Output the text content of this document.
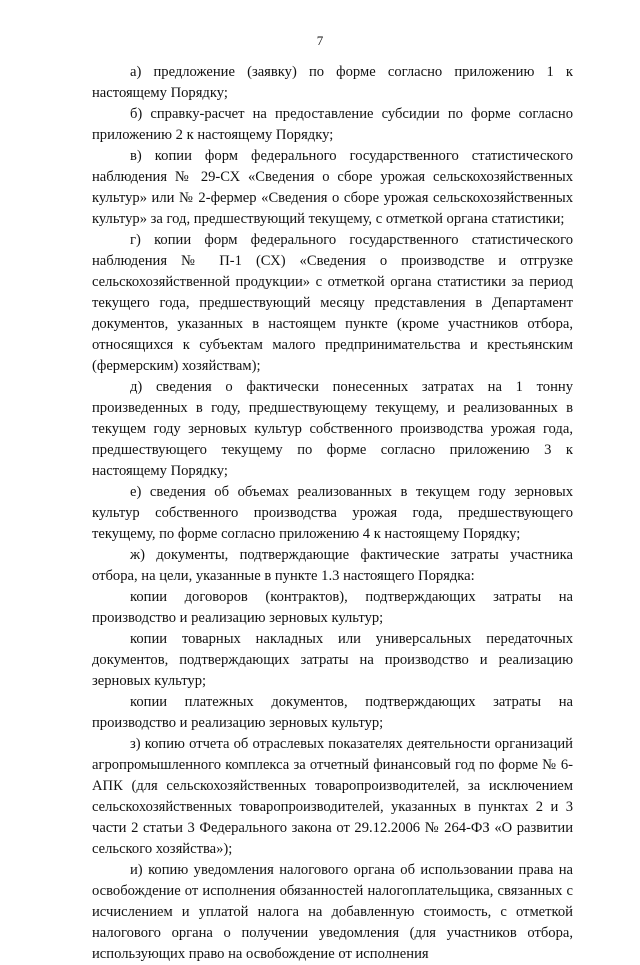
7

а) предложение (заявку) по форме согласно приложению 1 к настоящему Порядку;

б) справку-расчет на предоставление субсидии по форме согласно приложению 2 к настоящему Порядку;

в) копии форм федерального государственного статистического наблюдения № 29-СХ «Сведения о сборе урожая сельскохозяйственных культур» или № 2-фермер «Сведения о сборе урожая сельскохозяйственных культур» за год, предшествующий текущему, с отметкой органа статистики;

г) копии форм федерального государственного статистического наблюдения № П-1 (СХ) «Сведения о производстве и отгрузке сельскохозяйственной продукции» с отметкой органа статистики за период текущего года, предшествующий месяцу представления в Департамент документов, указанных в настоящем пункте (кроме участников отбора, относящихся к субъектам малого предпринимательства и крестьянским (фермерским) хозяйствам);

д) сведения о фактически понесенных затратах на 1 тонну произведенных в году, предшествующему текущему, и реализованных в текущем году зерновых культур собственного производства урожая года, предшествующего текущему по форме согласно приложению 3 к настоящему Порядку;

е) сведения об объемах реализованных в текущем году зерновых культур собственного производства урожая года, предшествующего текущему, по форме согласно приложению 4 к настоящему Порядку;

ж) документы, подтверждающие фактические затраты участника отбора, на цели, указанные в пункте 1.3 настоящего Порядка:

копии договоров (контрактов), подтверждающих затраты на производство и реализацию зерновых культур;

копии товарных накладных или универсальных передаточных документов, подтверждающих затраты на производство и реализацию зерновых культур;

копии платежных документов, подтверждающих затраты на производство и реализацию зерновых культур;

з) копию отчета об отраслевых показателях деятельности организаций агропромышленного комплекса за отчетный финансовый год по форме № 6-АПК (для сельскохозяйственных товаропроизводителей, за исключением сельскохозяйственных товаропроизводителей, указанных в пунктах 2 и 3 части 2 статьи 3 Федерального закона от 29.12.2006 № 264-ФЗ «О развитии сельского хозяйства»);

и) копию уведомления налогового органа об использовании права на освобождение от исполнения обязанностей налогоплательщика, связанных с исчислением и уплатой налога на добавленную стоимость, с отметкой налогового органа о получении уведомления (для участников отбора, использующих право на освобождение от исполнения
